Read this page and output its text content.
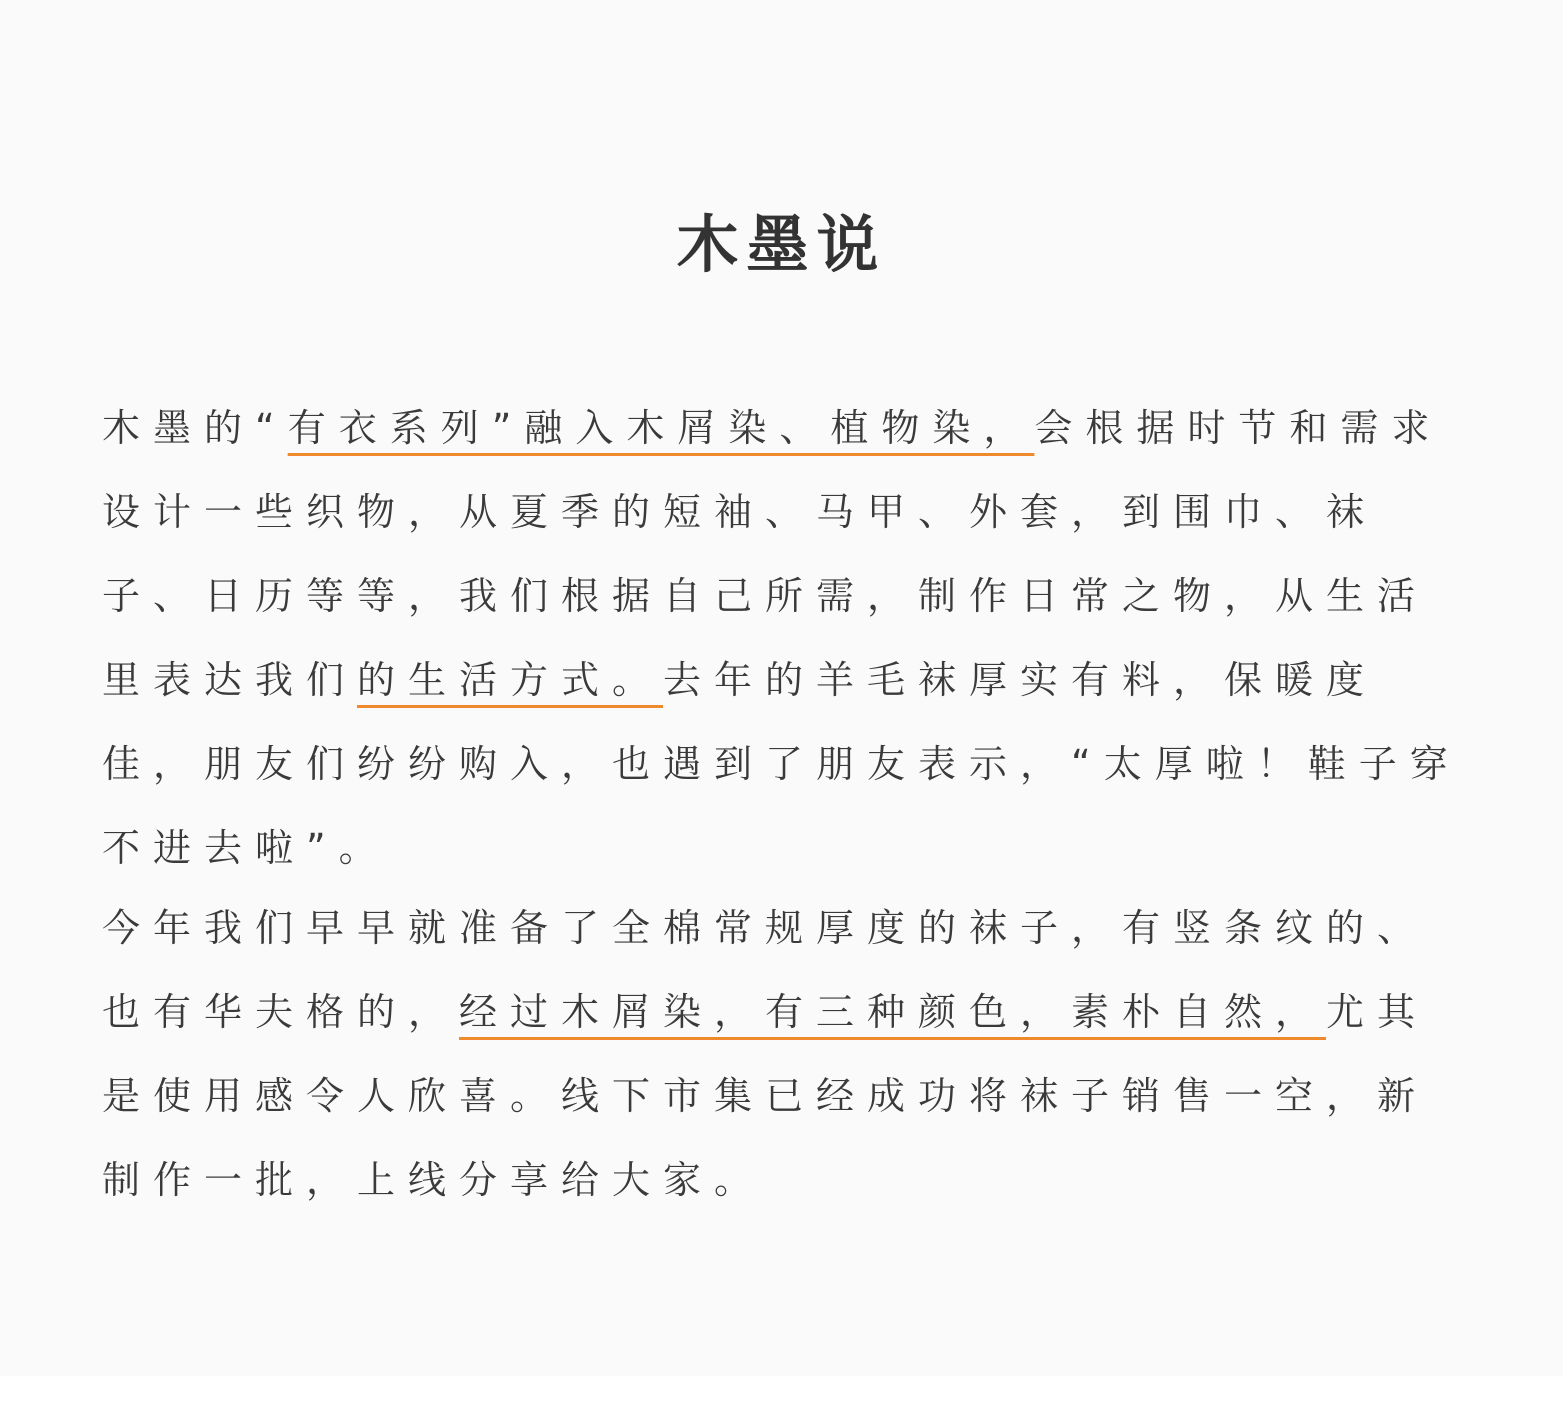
木墨说

木墨的“有衣系列”融入木屑染、植物染，会根据时节和需求设计一些织物，从夏季的短袖、马甲、外套，到围巾、袜子、日历等等，我们根据自己所需，制作日常之物，从生活里表达我们的生活方式。去年的羊毛袜厚实有料，保暖度佳，朋友们纷纷购入，也遇到了朋友表示，“太厚啦！鞋子穿不进去啦”。

今年我们早早就准备了全棉常规厚度的袜子，有竖条纹的、也有华夫格的，经过木屑染，有三种颜色，素朴自然，尤其是使用感令人欣喜。线下市集已经成功将袜子销售一空，新制作一批，上线分享给大家。
